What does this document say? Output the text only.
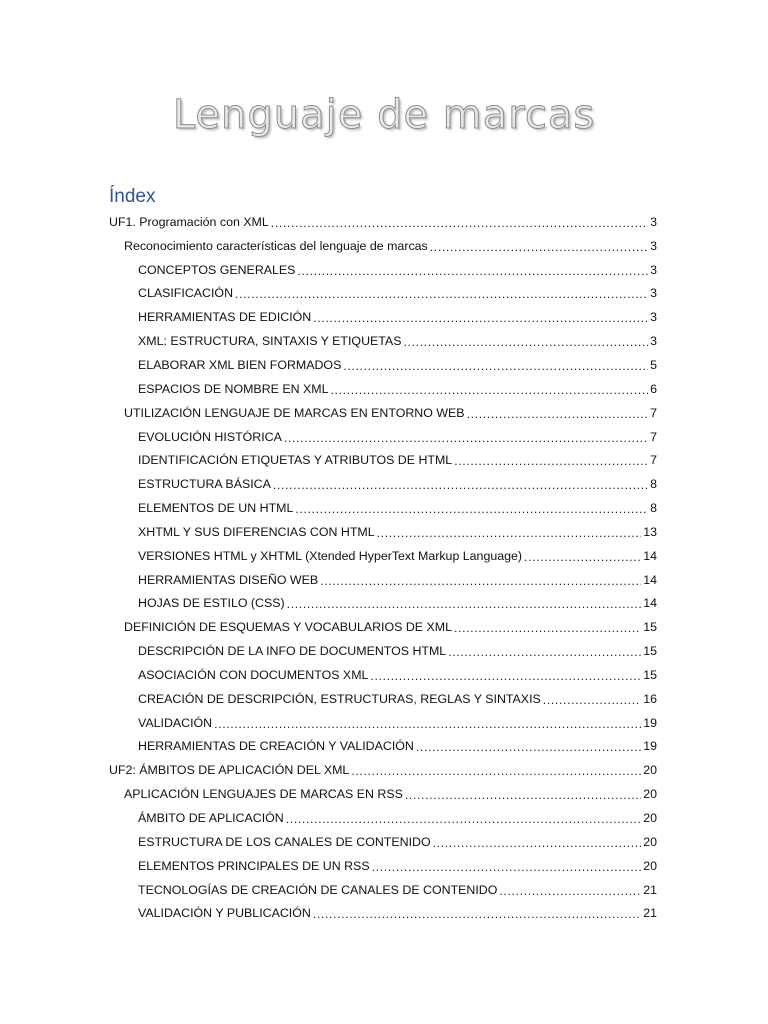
Lenguaje de marcas
Índex
UF1. Programación con XML .....	3
Reconocimiento características del lenguaje de marcas .....	3
CONCEPTOS GENERALES .....	3
CLASIFICACIÓN .....	3
HERRAMIENTAS DE EDICIÓN .....	3
XML: ESTRUCTURA, SINTAXIS Y ETIQUETAS .....	3
ELABORAR XML BIEN FORMADOS .....	5
ESPACIOS DE NOMBRE EN XML .....	6
UTILIZACIÓN LENGUAJE DE MARCAS EN ENTORNO WEB .....	7
EVOLUCIÓN HISTÓRICA .....	7
IDENTIFICACIÓN ETIQUETAS Y ATRIBUTOS DE HTML .....	7
ESTRUCTURA BÁSICA .....	8
ELEMENTOS DE UN HTML .....	8
XHTML Y SUS DIFERENCIAS CON HTML .....	13
VERSIONES HTML y XHTML (Xtended HyperText Markup Language) .....	14
HERRAMIENTAS DISEÑO WEB .....	14
HOJAS DE ESTILO (CSS) .....	14
DEFINICIÓN DE ESQUEMAS Y VOCABULARIOS DE XML .....	15
DESCRIPCIÓN DE LA INFO DE DOCUMENTOS HTML .....	15
ASOCIACIÓN CON DOCUMENTOS XML .....	15
CREACIÓN DE DESCRIPCIÓN, ESTRUCTURAS, REGLAS Y SINTAXIS .....	16
VALIDACIÓN .....	19
HERRAMIENTAS DE CREACIÓN Y VALIDACIÓN .....	19
UF2: ÁMBITOS DE APLICACIÓN DEL XML .....	20
APLICACIÓN LENGUAJES DE MARCAS EN RSS .....	20
ÁMBITO DE APLICACIÓN .....	20
ESTRUCTURA DE LOS CANALES DE CONTENIDO .....	20
ELEMENTOS PRINCIPALES DE UN RSS .....	20
TECNOLOGÍAS DE CREACIÓN DE CANALES DE CONTENIDO .....	21
VALIDACIÓN Y PUBLICACIÓN .....	21
